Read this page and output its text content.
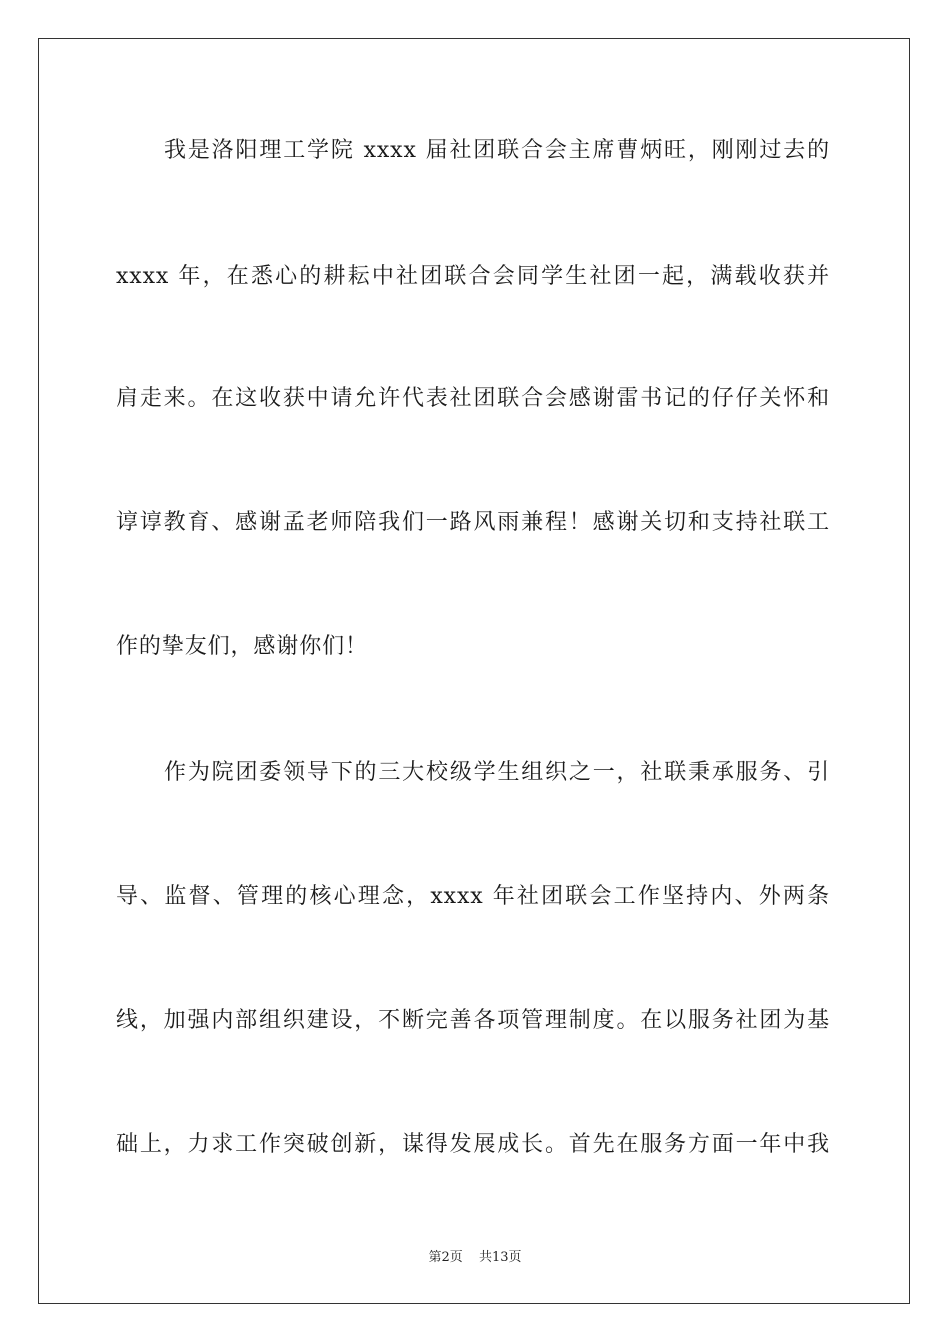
我是洛阳理工学院 xxxx 届社团联合会主席曹炳旺，刚刚过去的
xxxx 年，在悉心的耕耘中社团联合会同学生社团一起，满载收获并
肩走来。在这收获中请允许代表社团联合会感谢雷书记的仔仔关怀和
谆谆教育、感谢孟老师陪我们一路风雨兼程！感谢关切和支持社联工
作的挚友们，感谢你们！
作为院团委领导下的三大校级学生组织之一，社联秉承服务、引
导、监督、管理的核心理念，xxxx 年社团联会工作坚持内、外两条
线，加强内部组织建设，不断完善各项管理制度。在以服务社团为基
础上，力求工作突破创新，谋得发展成长。首先在服务方面一年中我
第2页 共13页
